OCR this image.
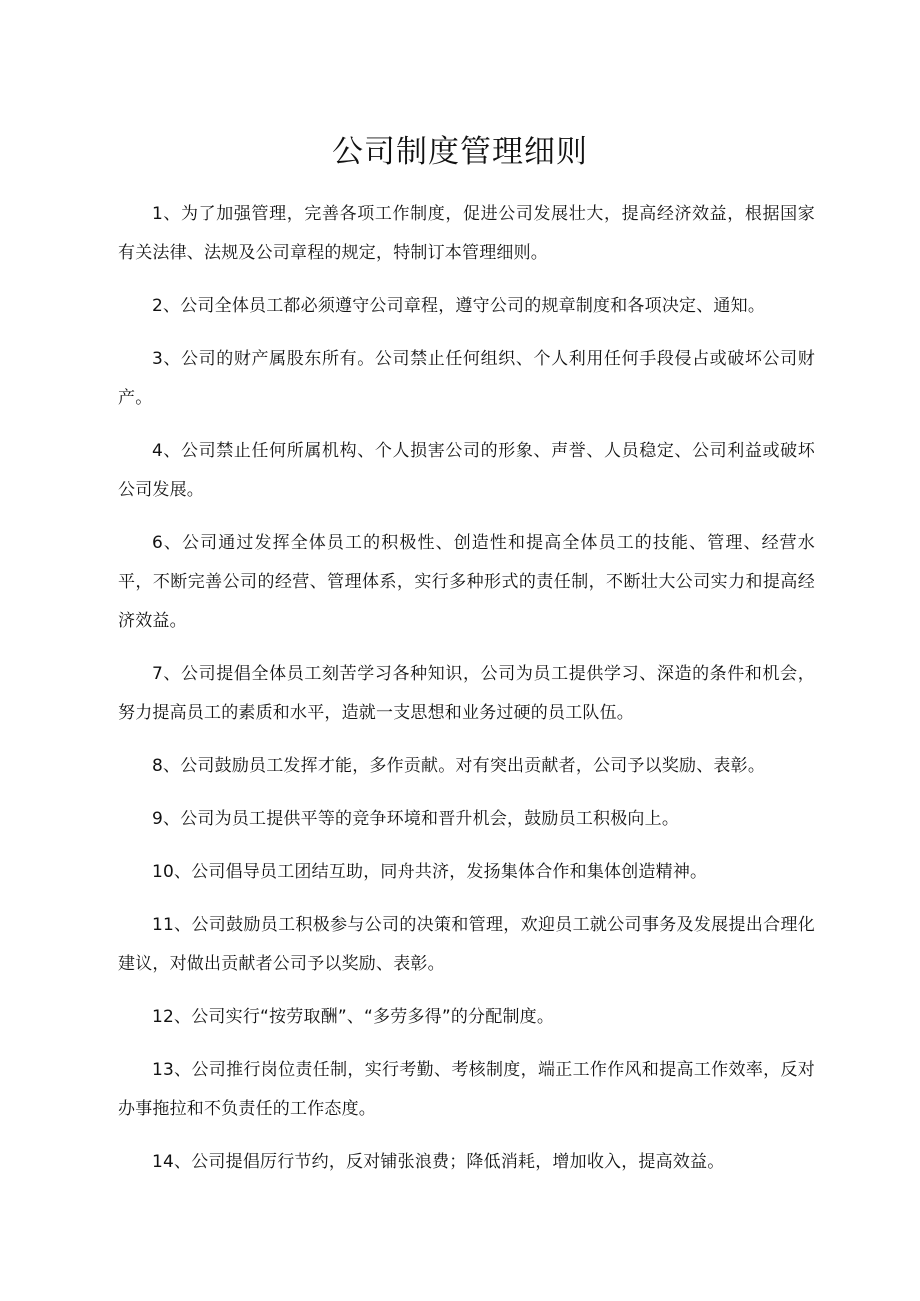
公司制度管理细则

1、为了加强管理，完善各项工作制度，促进公司发展壮大，提高经济效益，根据国家有关法律、法规及公司章程的规定，特制订本管理细则。

2、公司全体员工都必须遵守公司章程，遵守公司的规章制度和各项决定、通知。

3、公司的财产属股东所有。公司禁止任何组织、个人利用任何手段侵占或破坏公司财产。

4、公司禁止任何所属机构、个人损害公司的形象、声誉、人员稳定、公司利益或破坏公司发展。

6、公司通过发挥全体员工的积极性、创造性和提高全体员工的技能、管理、经营水平，不断完善公司的经营、管理体系，实行多种形式的责任制，不断壮大公司实力和提高经济效益。

7、公司提倡全体员工刻苦学习各种知识，公司为员工提供学习、深造的条件和机会，努力提高员工的素质和水平，造就一支思想和业务过硬的员工队伍。

8、公司鼓励员工发挥才能，多作贡献。对有突出贡献者，公司予以奖励、表彰。

9、公司为员工提供平等的竞争环境和晋升机会，鼓励员工积极向上。

10、公司倡导员工团结互助，同舟共济，发扬集体合作和集体创造精神。

11、公司鼓励员工积极参与公司的决策和管理，欢迎员工就公司事务及发展提出合理化建议，对做出贡献者公司予以奖励、表彰。

12、公司实行“按劳取酬”、“多劳多得”的分配制度。

13、公司推行岗位责任制，实行考勤、考核制度，端正工作作风和提高工作效率，反对办事拖拉和不负责任的工作态度。

14、公司提倡厉行节约，反对铺张浪费；降低消耗，增加收入，提高效益。
